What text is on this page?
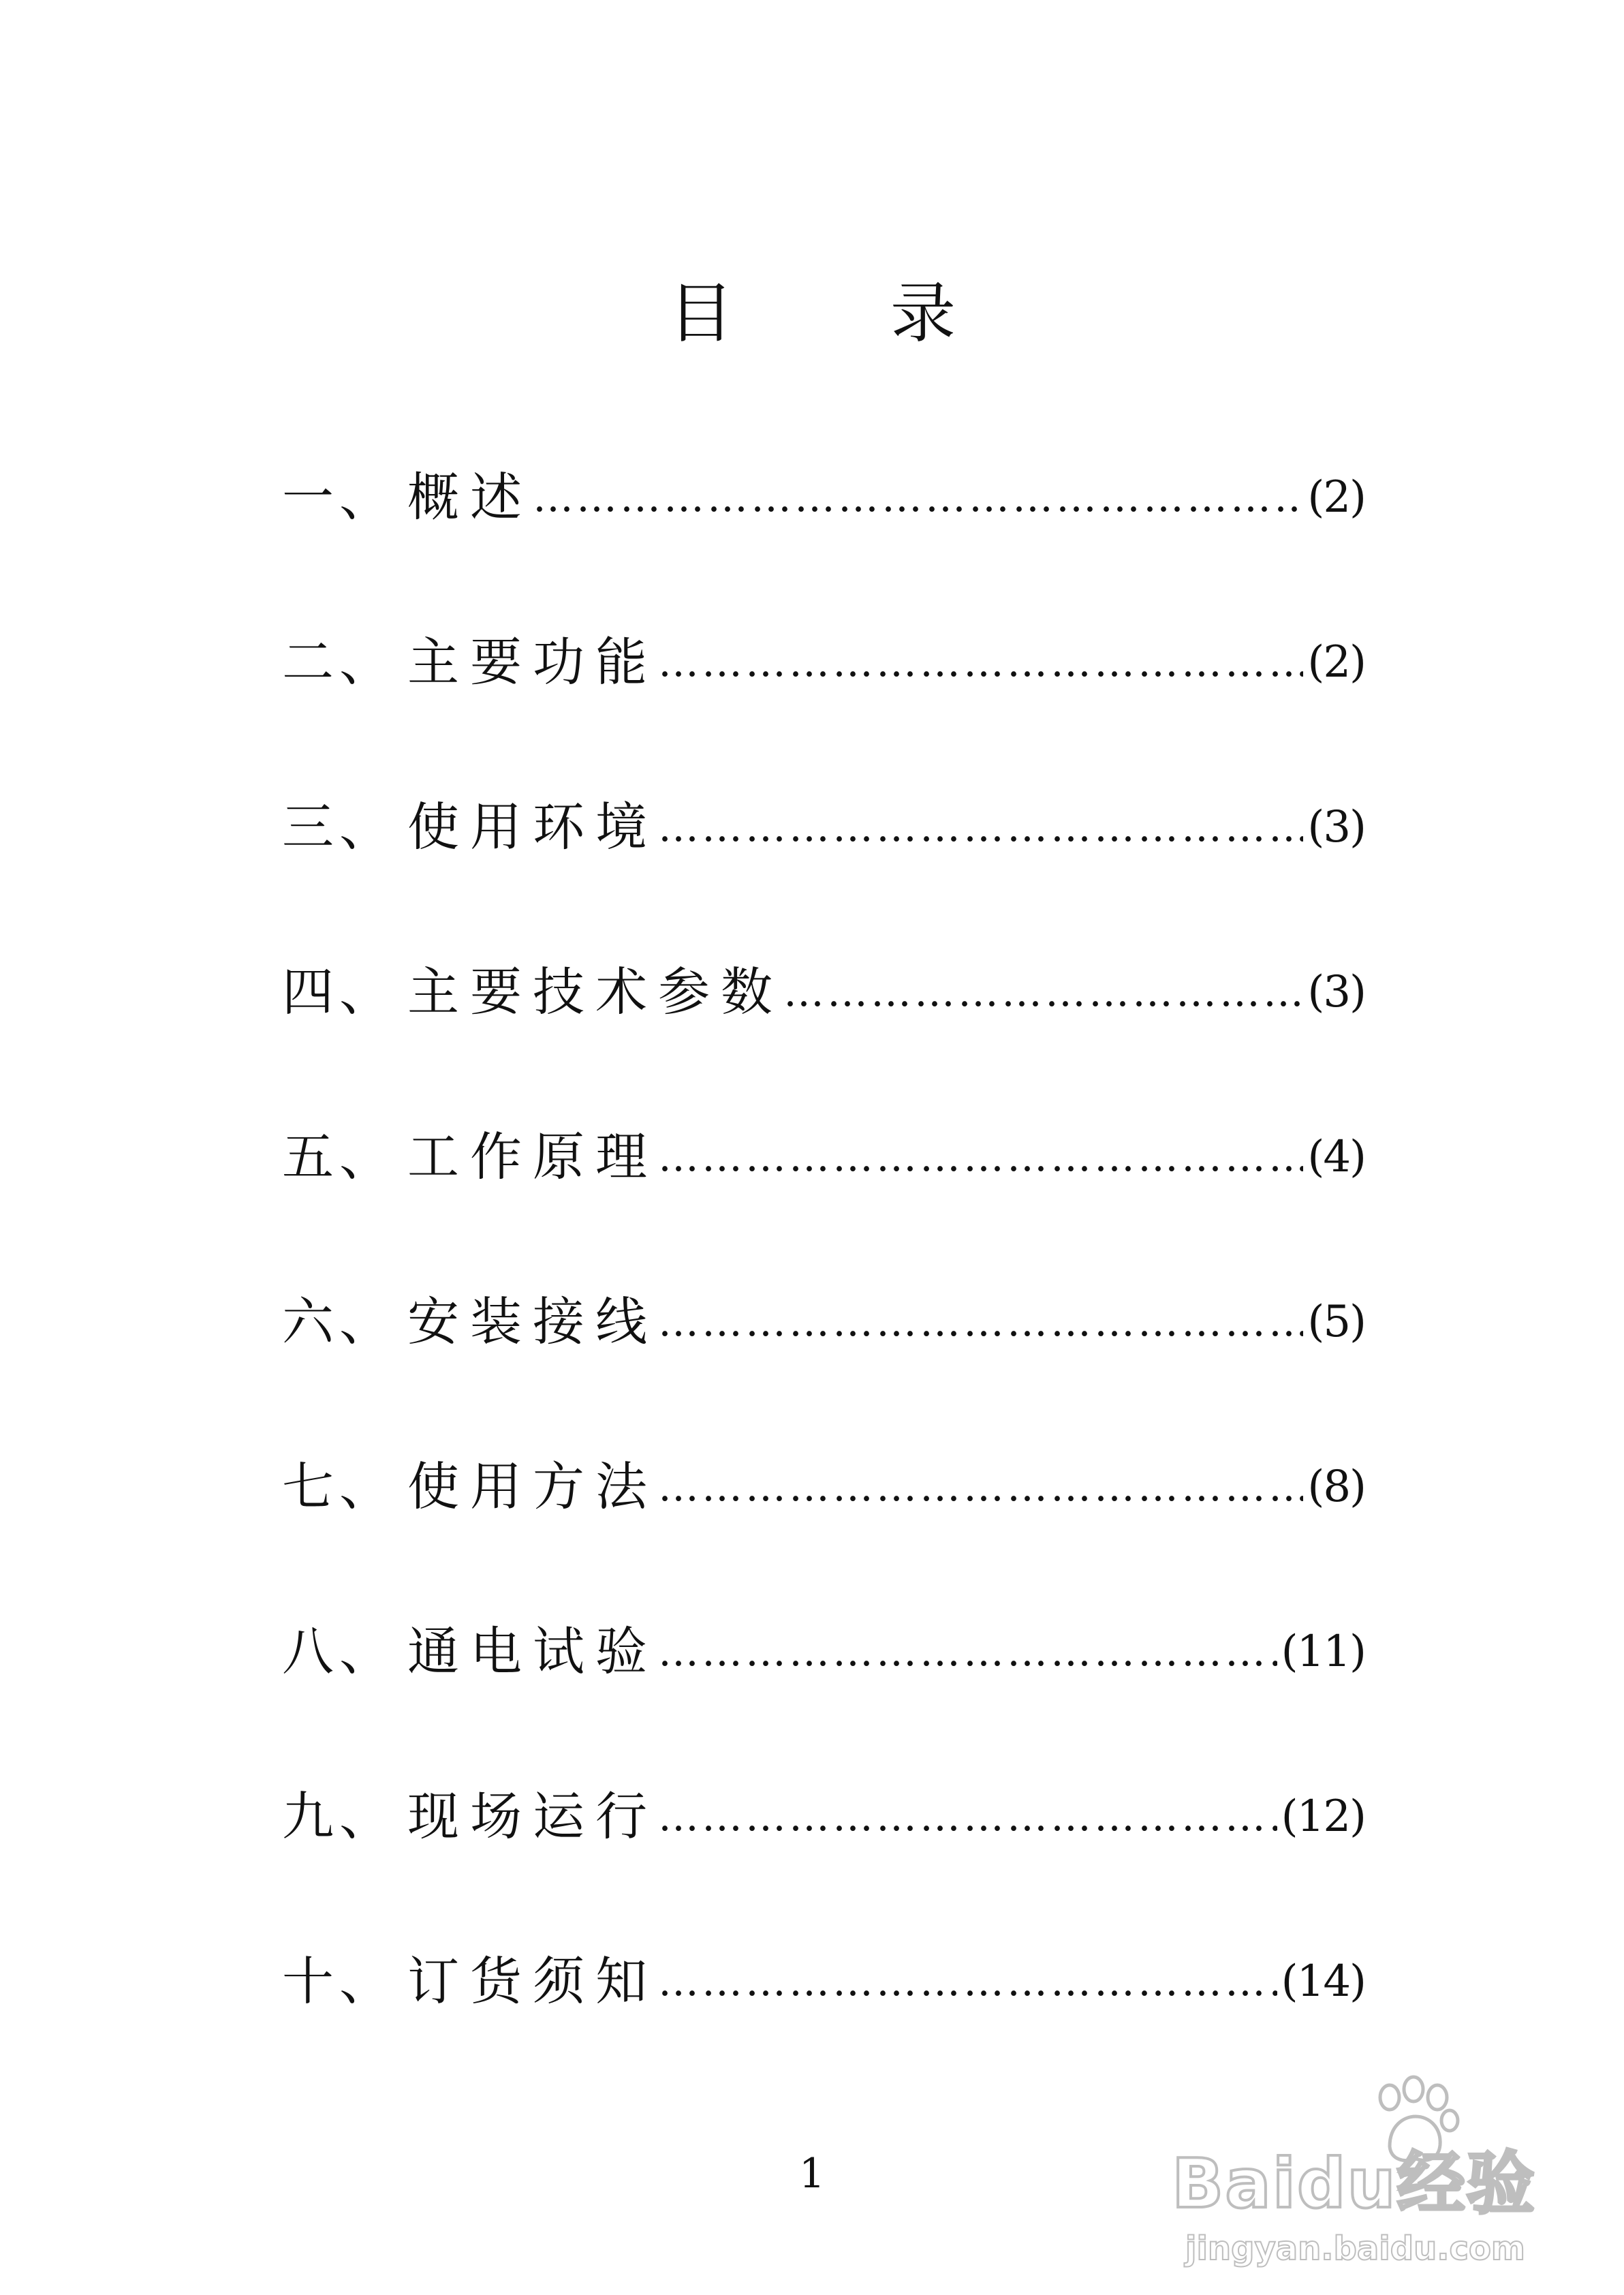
目 录
一、 概述 …………………………………………………………………………………………………………………………………………	(2)
二、 主要功能 …………………………………………………………………………………………………………………………………………	(2)
三、 使用环境 …………………………………………………………………………………………………………………………………………	(3)
四、 主要技术参数 …………………………………………………………………………………………………………………………………………	(3)
五、 工作原理 …………………………………………………………………………………………………………………………………………	(4)
六、 安装接线 …………………………………………………………………………………………………………………………………………	(5)
七、 使用方法 …………………………………………………………………………………………………………………………………………	(8)
八、 通电试验 …………………………………………………………………………………………………………………………………………	(11)
九、 现场运行 …………………………………………………………………………………………………………………………………………	(12)
十、 订货须知 …………………………………………………………………………………………………………………………………………	(14)
1	Baidu经验
jingyan.baidu.com
